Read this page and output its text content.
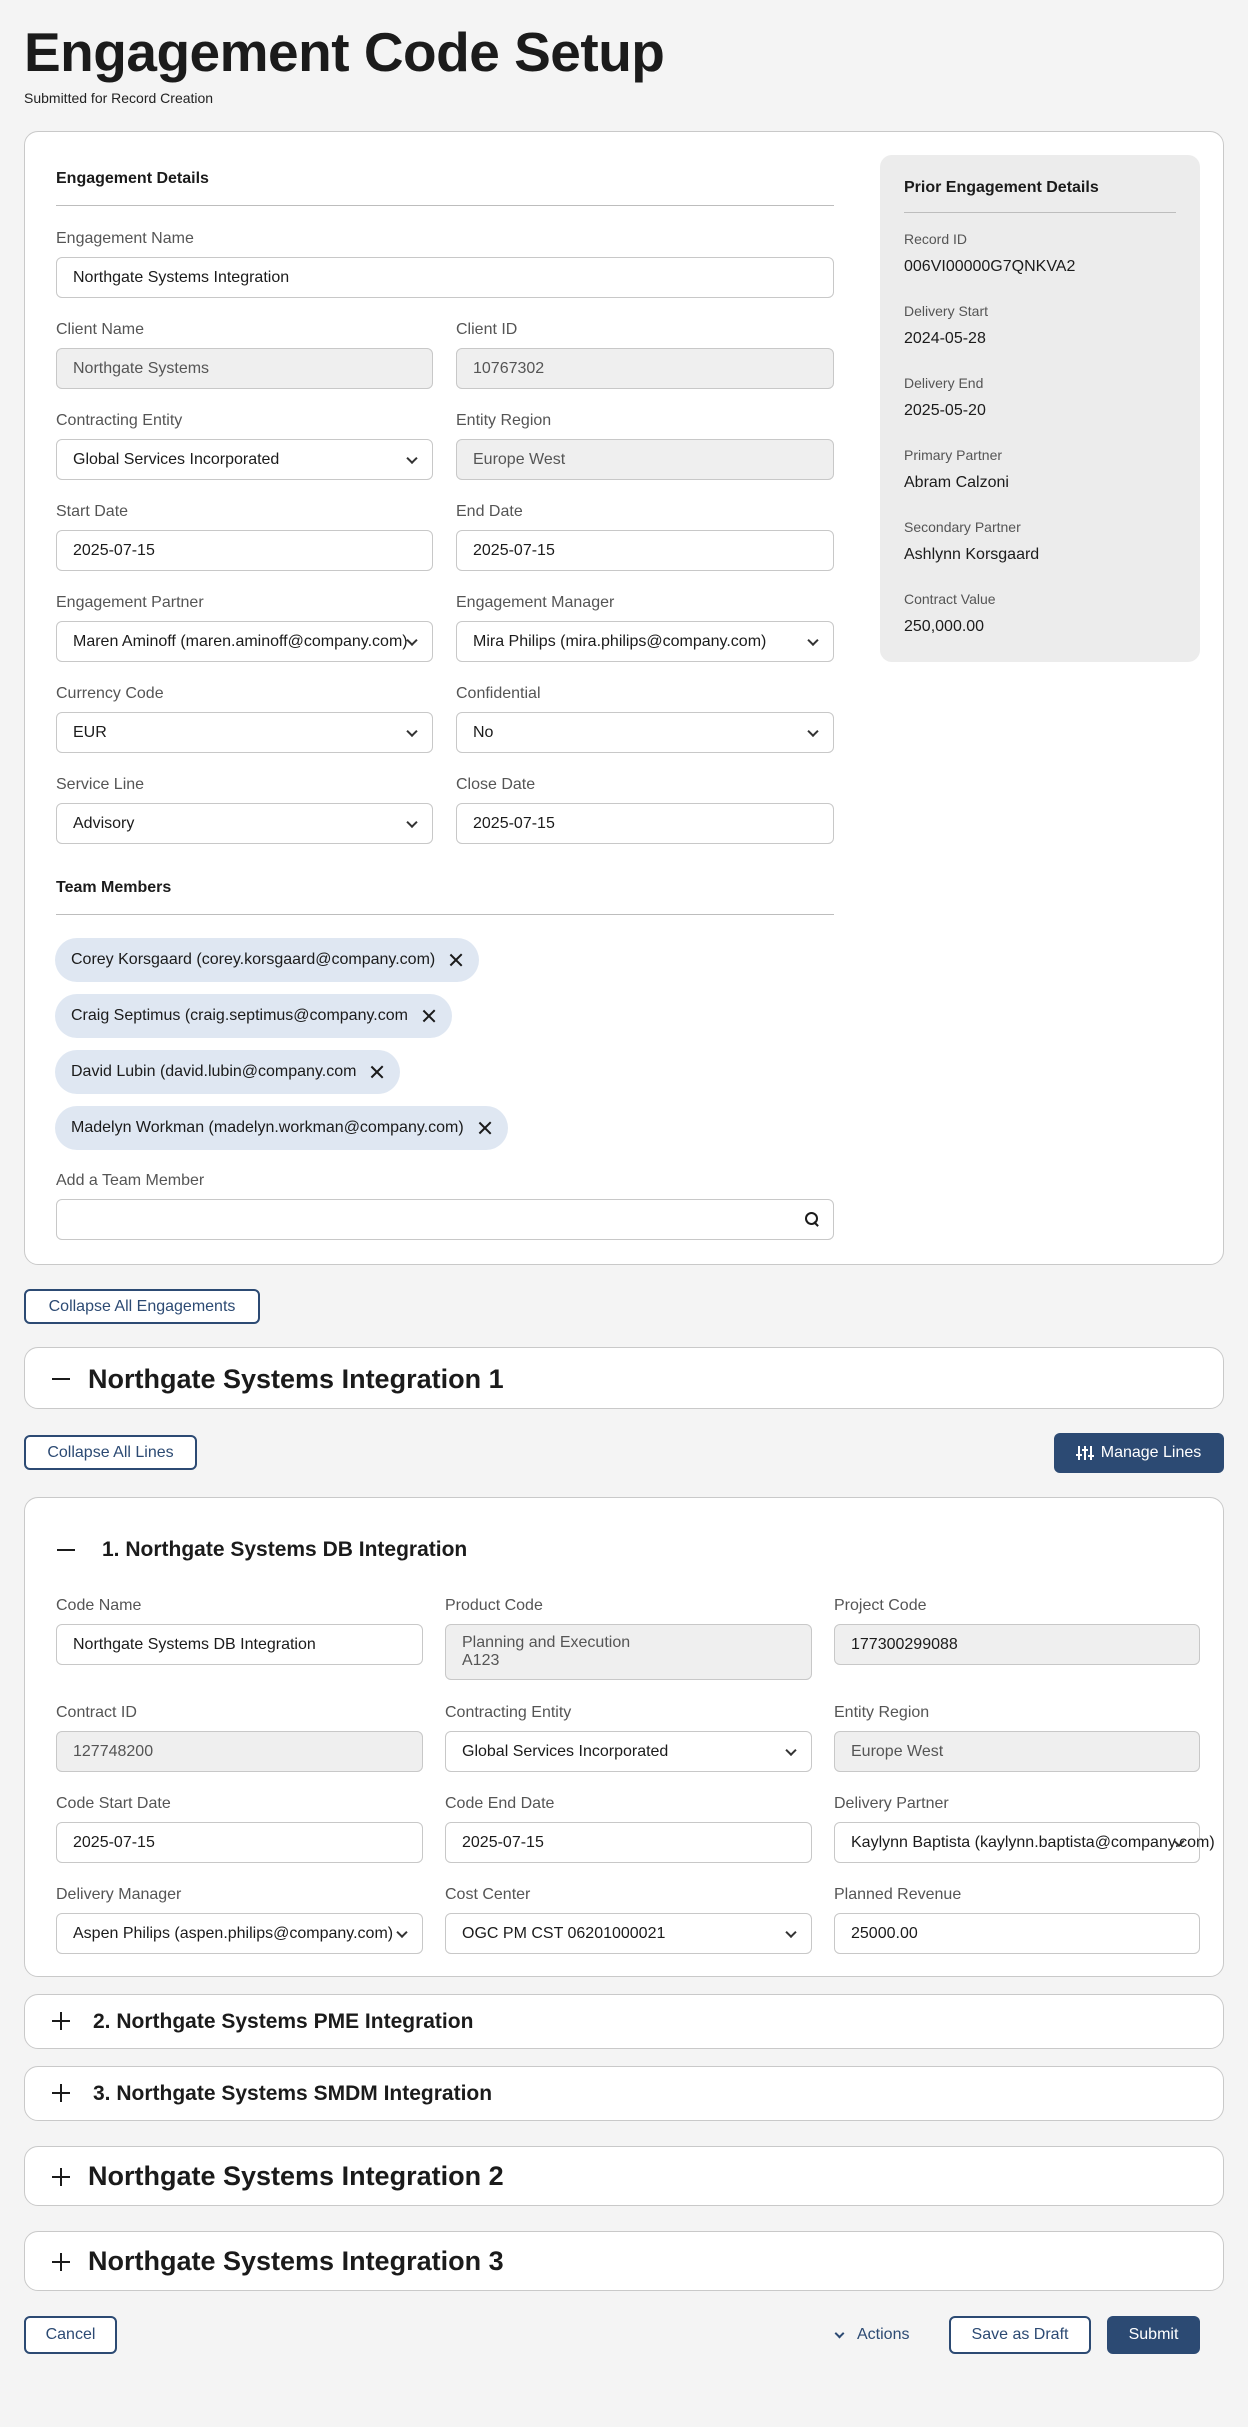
Engagement Code Setup
Submitted for Record Creation
Engagement Details
Engagement Name
Northgate Systems Integration
Client Name
Northgate Systems
Client ID
10767302
Contracting Entity
Global Services Incorporated
Entity Region
Europe West
Start Date
2025-07-15
End Date
2025-07-15
Engagement Partner
Maren Aminoff (maren.aminoff@company.com)
Engagement Manager
Mira Philips (mira.philips@company.com)
Currency Code
EUR
Confidential
No
Service Line
Advisory
Close Date
2025-07-15
Team Members
Add a Team Member
Corey Korsgaard (corey.korsgaard@company.com)
Craig Septimus (craig.septimus@company.com
David Lubin (david.lubin@company.com
Madelyn Workman (madelyn.workman@company.com)
Prior Engagement Details
Record ID
006VI00000G7QNKVA2
Delivery Start
2024-05-28
Delivery End
2025-05-20
Primary Partner
Abram Calzoni
Secondary Partner
Ashlynn Korsgaard
Contract Value
250,000.00
Collapse All Engagements
Northgate Systems Integration 1
Collapse All Lines	Manage Lines
1. Northgate Systems DB Integration
Code Name
Northgate Systems DB Integration
Product Code
Planning and Execution
A123
Project Code
177300299088
Contract ID
127748200
Contracting Entity
Global Services Incorporated
Entity Region
Europe West
Code Start Date
2025-07-15
Code End Date
2025-07-15
Delivery Partner
Kaylynn Baptista (kaylynn.baptista@company.com)
Delivery Manager
Aspen Philips (aspen.philips@company.com)
Cost Center
OGC PM CST 06201000021
Planned Revenue
25000.00
2. Northgate Systems PME Integration
3. Northgate Systems SMDM Integration
Northgate Systems Integration 2
Northgate Systems Integration 3
Cancel	Actions	Save as Draft	Submit
